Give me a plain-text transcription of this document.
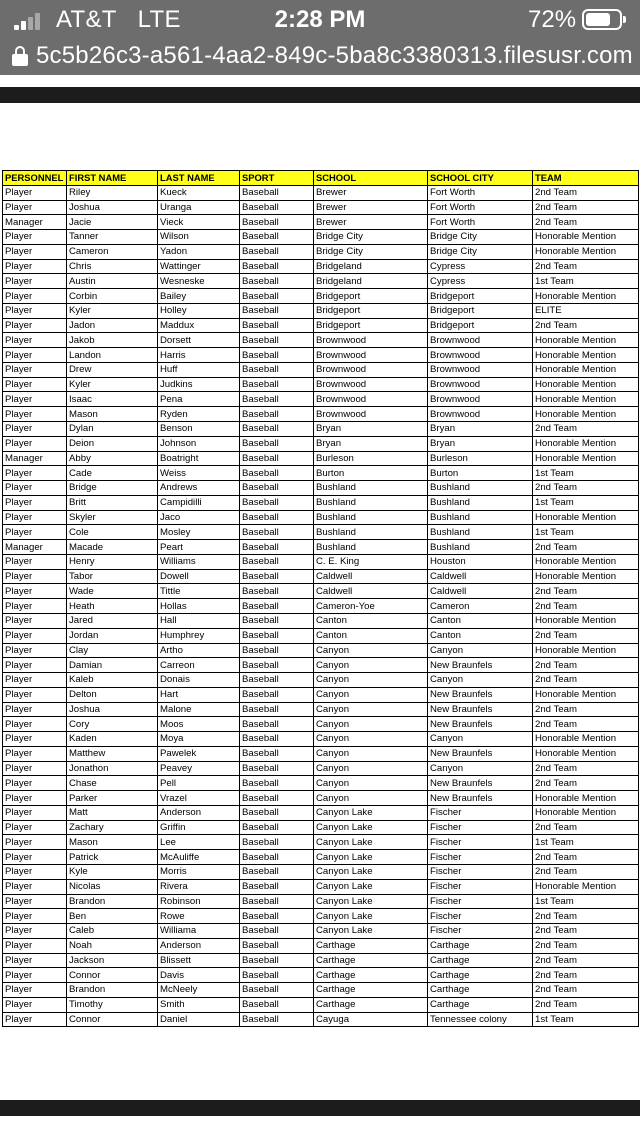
AT&T LTE	2:28 PM	72%
5c5b26c3-a561-4aa2-849c-5ba8c3380313.filesusr.com
PERSONNEL	FIRST NAME	LAST NAME	SPORT	SCHOOL	SCHOOL CITY	TEAM
Player	Riley	Kueck	Baseball	Brewer	Fort Worth	2nd Team
Player	Joshua	Uranga	Baseball	Brewer	Fort Worth	2nd Team
Manager	Jacie	Vieck	Baseball	Brewer	Fort Worth	2nd Team
Player	Tanner	Wilson	Baseball	Bridge City	Bridge City	Honorable Mention
Player	Cameron	Yadon	Baseball	Bridge City	Bridge City	Honorable Mention
Player	Chris	Wattinger	Baseball	Bridgeland	Cypress	2nd Team
Player	Austin	Wesneske	Baseball	Bridgeland	Cypress	1st Team
Player	Corbin	Bailey	Baseball	Bridgeport	Bridgeport	Honorable Mention
Player	Kyler	Holley	Baseball	Bridgeport	Bridgeport	ELITE
Player	Jadon	Maddux	Baseball	Bridgeport	Bridgeport	2nd Team
Player	Jakob	Dorsett	Baseball	Brownwood	Brownwood	Honorable Mention
Player	Landon	Harris	Baseball	Brownwood	Brownwood	Honorable Mention
Player	Drew	Huff	Baseball	Brownwood	Brownwood	Honorable Mention
Player	Kyler	Judkins	Baseball	Brownwood	Brownwood	Honorable Mention
Player	Isaac	Pena	Baseball	Brownwood	Brownwood	Honorable Mention
Player	Mason	Ryden	Baseball	Brownwood	Brownwood	Honorable Mention
Player	Dylan	Benson	Baseball	Bryan	Bryan	2nd Team
Player	Deion	Johnson	Baseball	Bryan	Bryan	Honorable Mention
Manager	Abby	Boatright	Baseball	Burleson	Burleson	Honorable Mention
Player	Cade	Weiss	Baseball	Burton	Burton	1st Team
Player	Bridge	Andrews	Baseball	Bushland	Bushland	2nd Team
Player	Britt	Campidilli	Baseball	Bushland	Bushland	1st Team
Player	Skyler	Jaco	Baseball	Bushland	Bushland	Honorable Mention
Player	Cole	Mosley	Baseball	Bushland	Bushland	1st Team
Manager	Macade	Peart	Baseball	Bushland	Bushland	2nd Team
Player	Henry	Williams	Baseball	C. E. King	Houston	Honorable Mention
Player	Tabor	Dowell	Baseball	Caldwell	Caldwell	Honorable Mention
Player	Wade	Tittle	Baseball	Caldwell	Caldwell	2nd Team
Player	Heath	Hollas	Baseball	Cameron-Yoe	Cameron	2nd Team
Player	Jared	Hall	Baseball	Canton	Canton	Honorable Mention
Player	Jordan	Humphrey	Baseball	Canton	Canton	2nd Team
Player	Clay	Artho	Baseball	Canyon	Canyon	Honorable Mention
Player	Damian	Carreon	Baseball	Canyon	New Braunfels	2nd Team
Player	Kaleb	Donais	Baseball	Canyon	Canyon	2nd Team
Player	Delton	Hart	Baseball	Canyon	New Braunfels	Honorable Mention
Player	Joshua	Malone	Baseball	Canyon	New Braunfels	2nd Team
Player	Cory	Moos	Baseball	Canyon	New Braunfels	2nd Team
Player	Kaden	Moya	Baseball	Canyon	Canyon	Honorable Mention
Player	Matthew	Pawelek	Baseball	Canyon	New Braunfels	Honorable Mention
Player	Jonathon	Peavey	Baseball	Canyon	Canyon	2nd Team
Player	Chase	Pell	Baseball	Canyon	New Braunfels	2nd Team
Player	Parker	Vrazel	Baseball	Canyon	New Braunfels	Honorable Mention
Player	Matt	Anderson	Baseball	Canyon Lake	Fischer	Honorable Mention
Player	Zachary	Griffin	Baseball	Canyon Lake	Fischer	2nd Team
Player	Mason	Lee	Baseball	Canyon Lake	Fischer	1st Team
Player	Patrick	McAuliffe	Baseball	Canyon Lake	Fischer	2nd Team
Player	Kyle	Morris	Baseball	Canyon Lake	Fischer	2nd Team
Player	Nicolas	Rivera	Baseball	Canyon Lake	Fischer	Honorable Mention
Player	Brandon	Robinson	Baseball	Canyon Lake	Fischer	1st Team
Player	Ben	Rowe	Baseball	Canyon Lake	Fischer	2nd Team
Player	Caleb	Williama	Baseball	Canyon Lake	Fischer	2nd Team
Player	Noah	Anderson	Baseball	Carthage	Carthage	2nd Team
Player	Jackson	Blissett	Baseball	Carthage	Carthage	2nd Team
Player	Connor	Davis	Baseball	Carthage	Carthage	2nd Team
Player	Brandon	McNeely	Baseball	Carthage	Carthage	2nd Team
Player	Timothy	Smith	Baseball	Carthage	Carthage	2nd Team
Player	Connor	Daniel	Baseball	Cayuga	Tennessee colony	1st Team
